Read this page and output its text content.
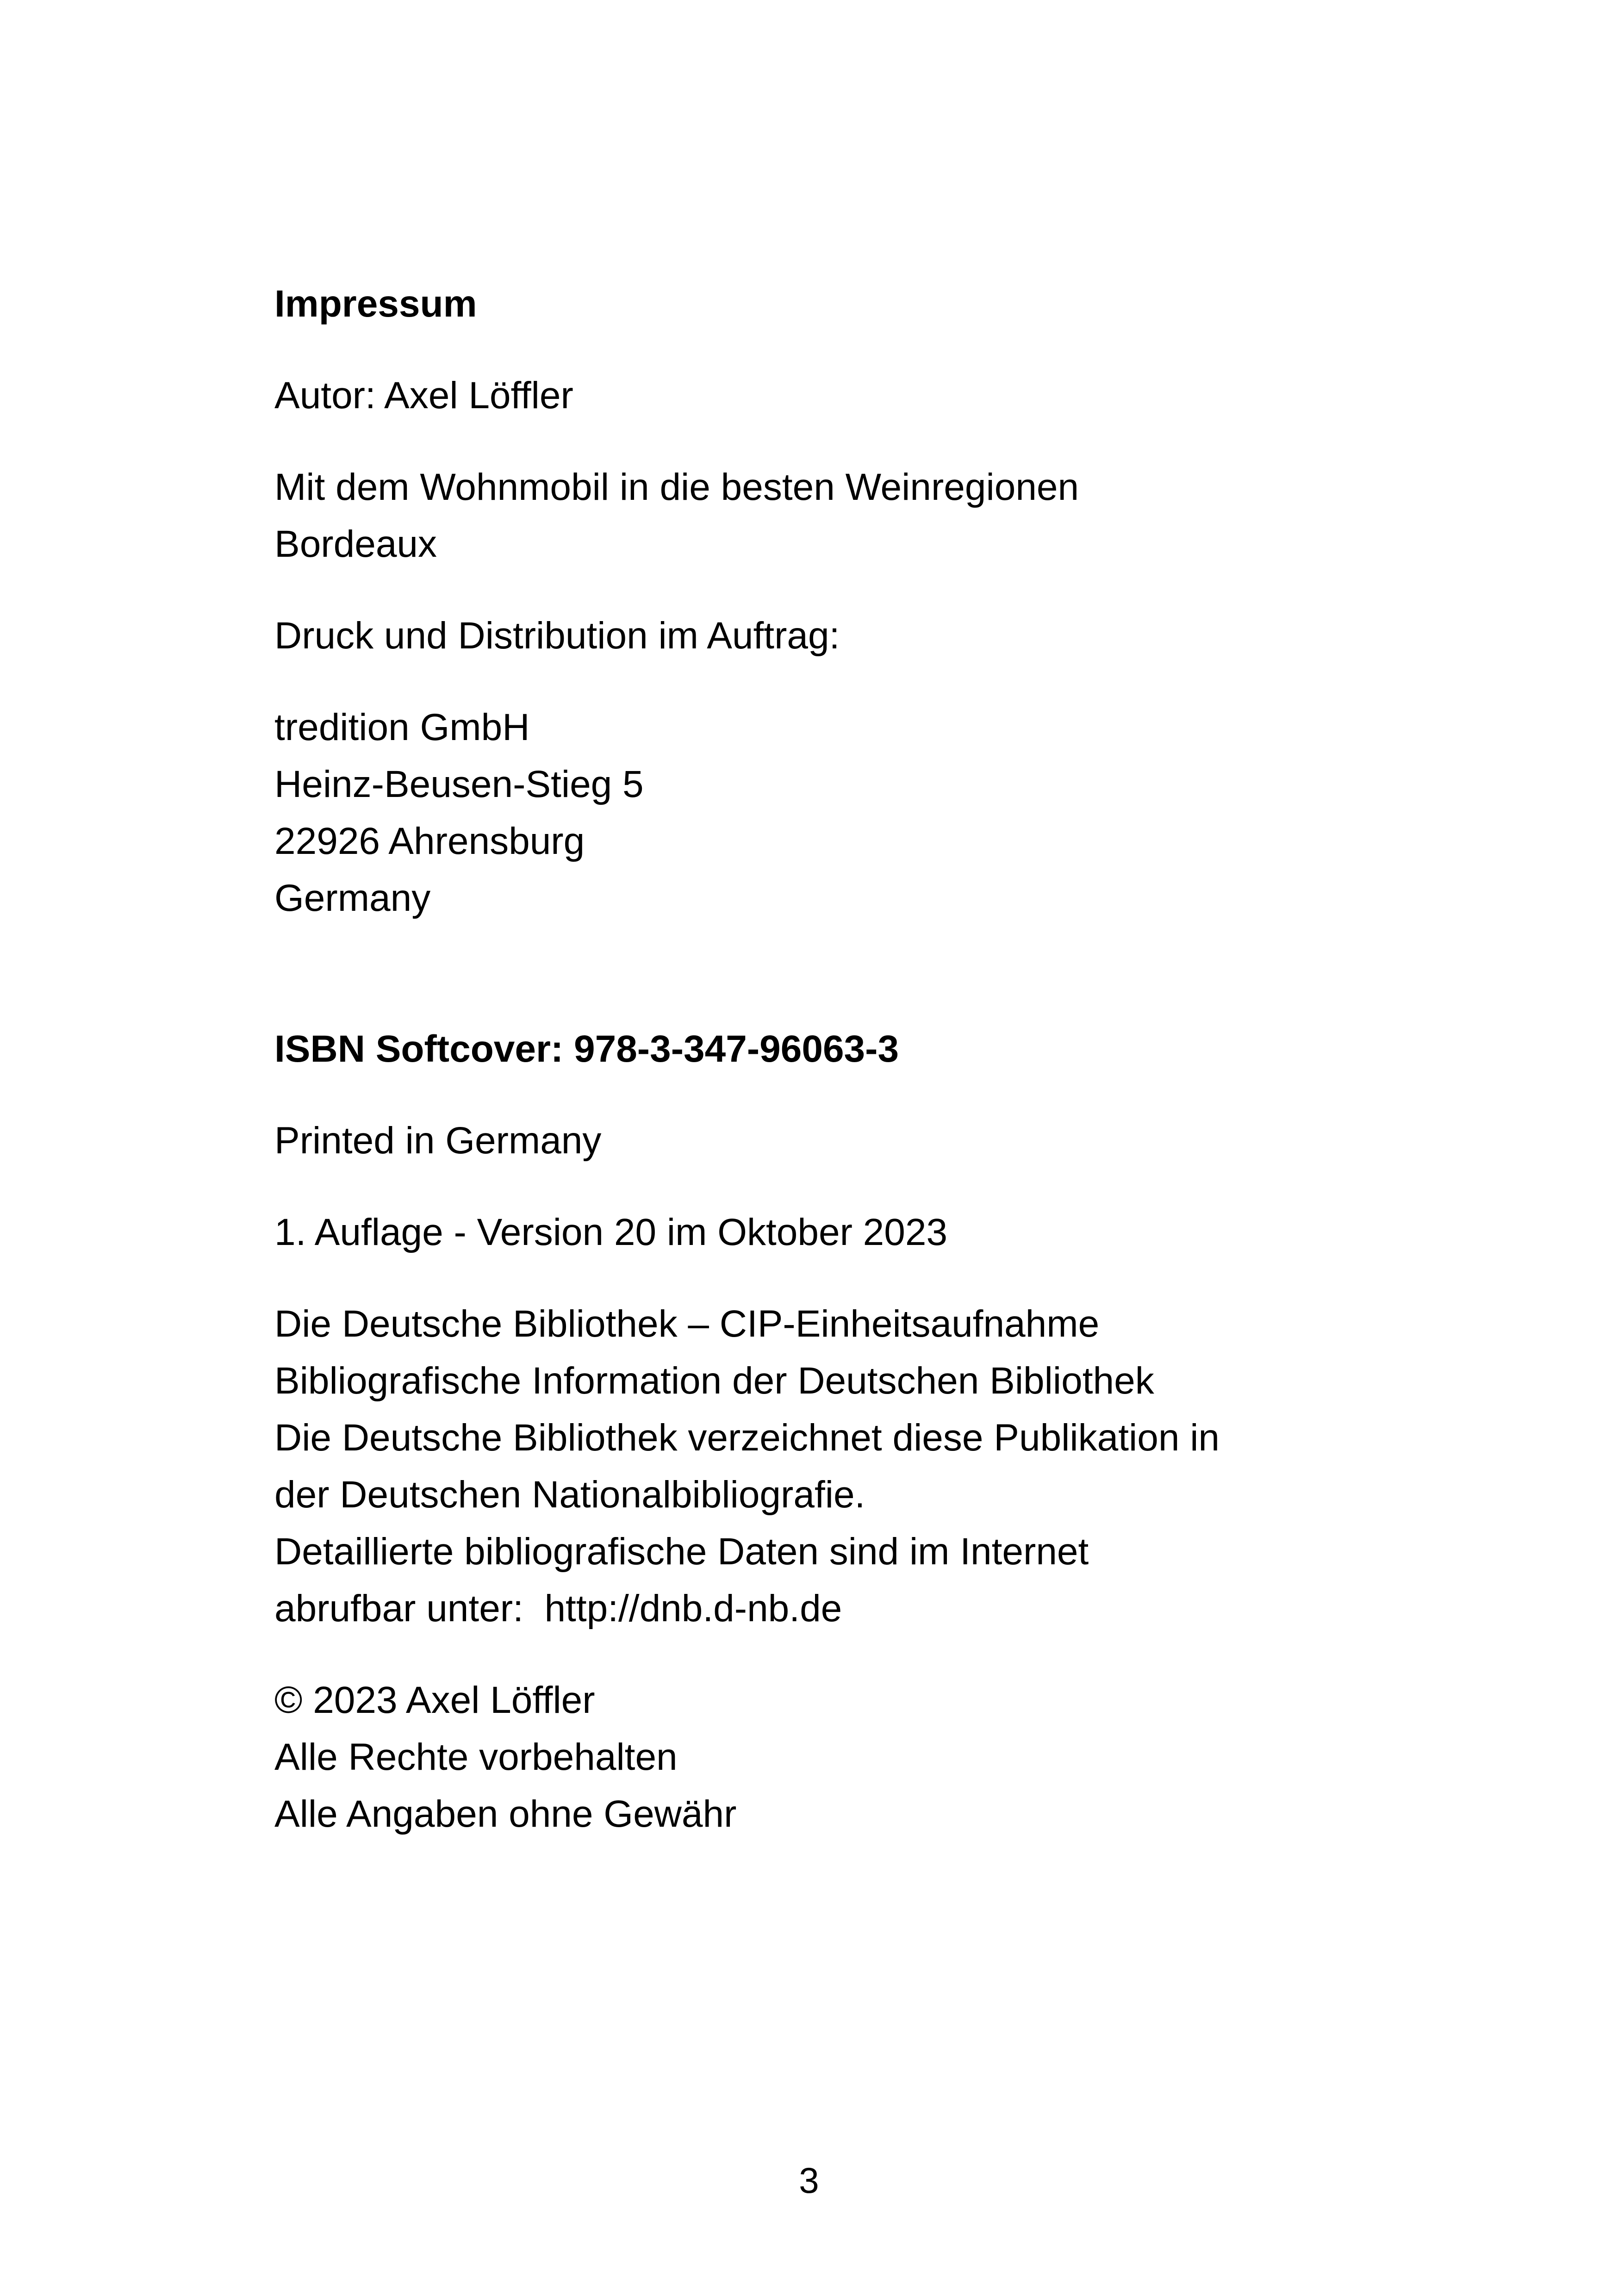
Impressum
Autor: Axel Löffler
Mit dem Wohnmobil in die besten Weinregionen
Bordeaux
Druck und Distribution im Auftrag:
tredition GmbH
Heinz-Beusen-Stieg 5
22926 Ahrensburg
Germany
ISBN Softcover: 978-3-347-96063-3
Printed in Germany
1. Auflage - Version 20 im Oktober 2023
Die Deutsche Bibliothek – CIP-Einheitsaufnahme
Bibliografische Information der Deutschen Bibliothek
Die Deutsche Bibliothek verzeichnet diese Publikation in
der Deutschen Nationalbibliografie.
Detaillierte bibliografische Daten sind im Internet
abrufbar unter:  http://dnb.d-nb.de
© 2023 Axel Löffler
Alle Rechte vorbehalten
Alle Angaben ohne Gewähr
3
